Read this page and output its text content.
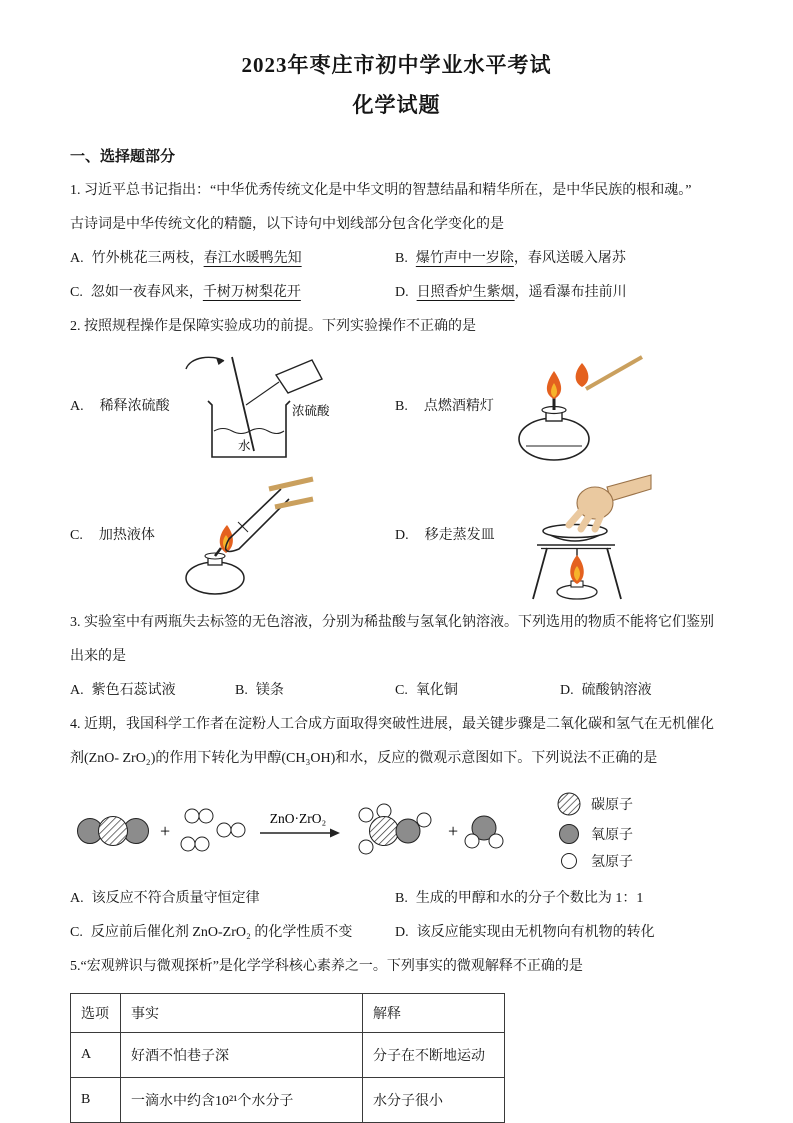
2023年枣庄市初中学业水平考试
化学试题
一、选择题部分

1. 习近平总书记指出：“中华优秀传统文化是中华文明的智慧结晶和精华所在，是中华民族的根和魂。”

古诗词是中华传统文化的精髓，以下诗句中划线部分包含化学变化的是

A. 竹外桃花三两枝，春江水暖鸭先知	B. 爆竹声中一岁除，春风送暖入屠苏
C. 忽如一夜春风来，千树万树梨花开	D. 日照香炉生紫烟，遥看瀑布挂前川

2. 按照规程操作是保障实验成功的前提。下列实验操作不正确的是

A. 稀释浓硫酸	浓硫酸
水
B. 点燃酒精灯
C. 加热液体	D. 移走蒸发皿

3. 实验室中有两瓶失去标签的无色溶液，分别为稀盐酸与氢氧化钠溶液。下列选用的物质不能将它们鉴别

出来的是

A. 紫色石蕊试液	B. 镁条	C. 氧化铜	D. 硫酸钠溶液

4. 近期，我国科学工作者在淀粉人工合成方面取得突破性进展，最关键步骤是二氧化碳和氢气在无机催化

剂(ZnO- ZrO₂)的作用下转化为甲醇(CH₃OH)和水，反应的微观示意图如下。下列说法不正确的是

+
ZnO·ZrO₂
+
碳原子
氧原子
氢原子
A. 该反应不符合质量守恒定律	B. 生成的甲醇和水的分子个数比为 1：1
C. 反应前后催化剂 ZnO-ZrO₂ 的化学性质不变	D. 该反应能实现由无机物向有机物的转化

5.“宏观辨识与微观探析”是化学学科核心素养之一。下列事实的微观解释不正确的是

选项	事实	解释
A	好酒不怕巷子深	分子在不断地运动
B	一滴水中约含10²¹个水分子	水分子很小
